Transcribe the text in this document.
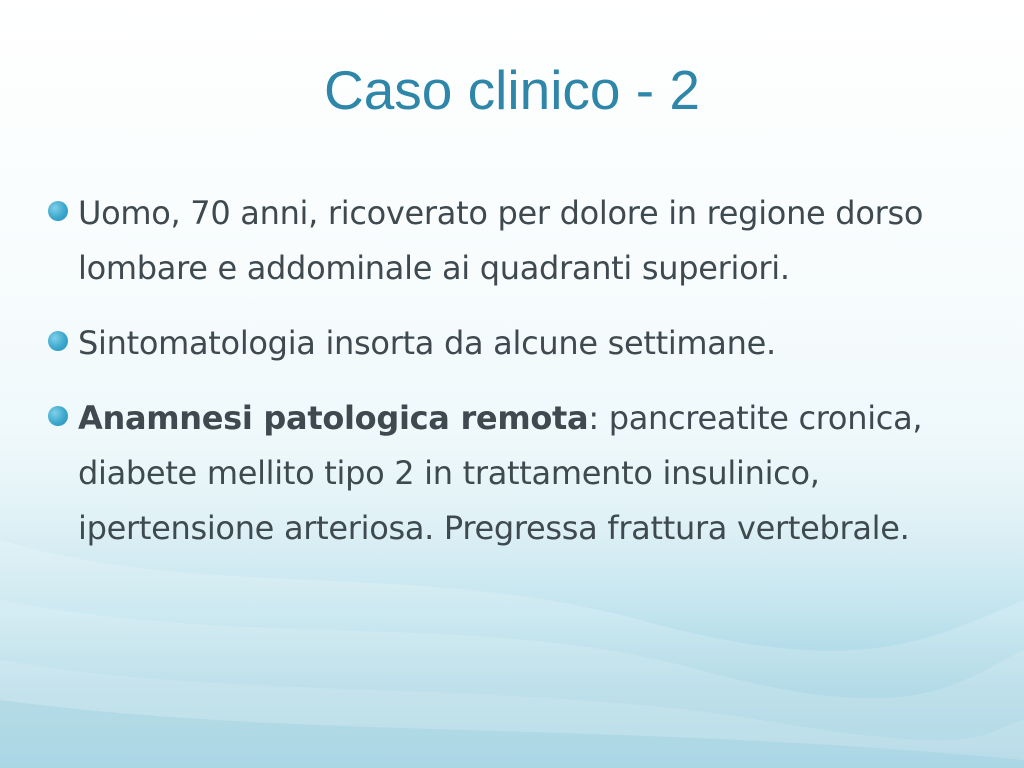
Caso clinico - 2
Uomo, 70 anni, ricoverato per dolore in regione dorso lombare e addominale ai quadranti superiori.
Sintomatologia insorta da alcune settimane.
Anamnesi patologica remota: pancreatite cronica, diabete mellito tipo 2 in trattamento insulinico, ipertensione arteriosa. Pregressa frattura vertebrale.
